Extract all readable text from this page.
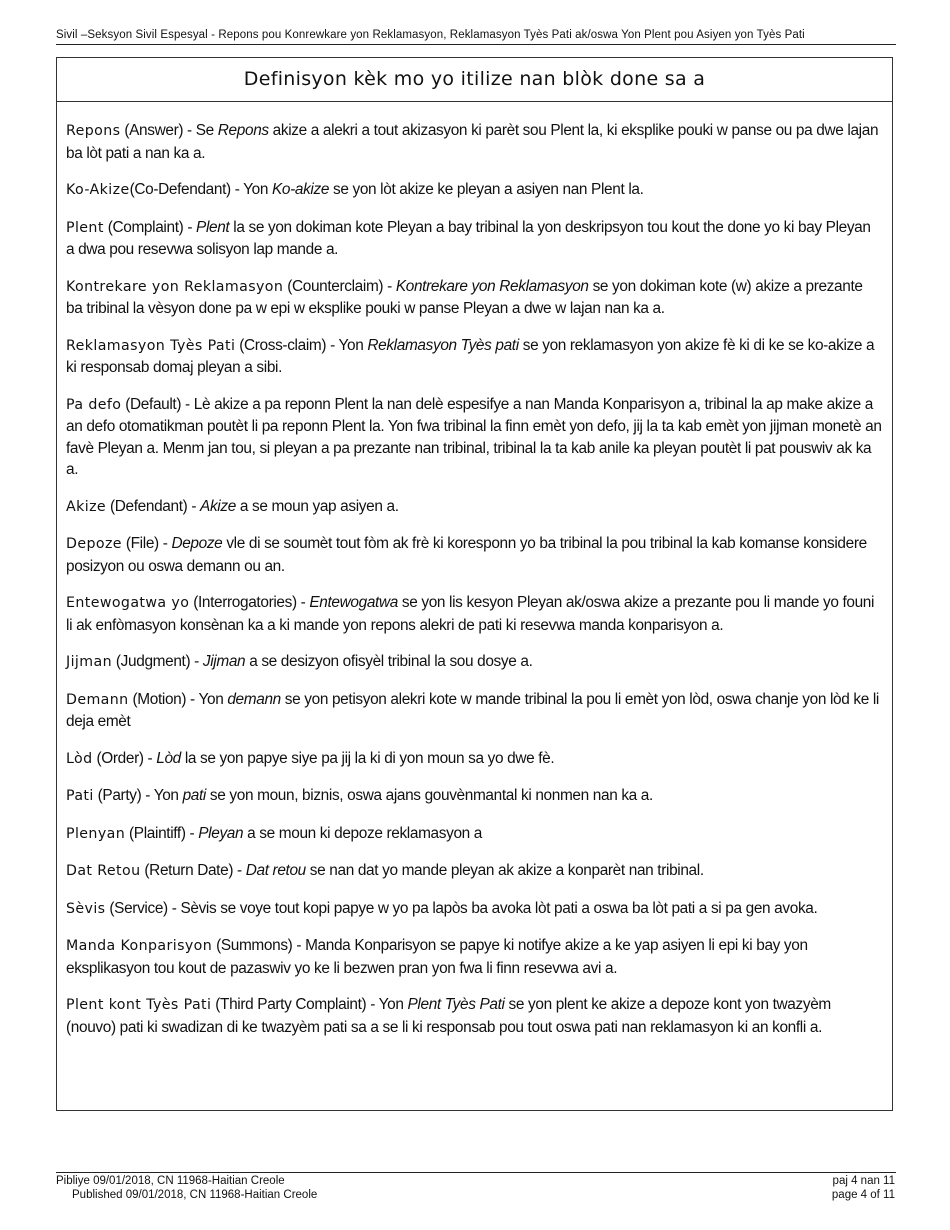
Sivil –Seksyon Sivil Espesyal - Repons pou Konrewkare yon Reklamasyon, Reklamasyon Tyès Pati ak/oswa Yon Plent pou Asiyen yon Tyès Pati
Definisyon kèk mo yo itilize nan blòk done sa a

Repons (Answer) - Se Repons akize a alekri a tout akizasyon ki parèt sou Plent la, ki eksplike pouki w panse ou pa dwe lajan ba lòt pati a nan ka a.

Ko-Akize(Co-Defendant) - Yon Ko-akize se yon lòt akize ke pleyan a asiyen nan Plent la.

Plent (Complaint) - Plent la se yon dokiman kote Pleyan a bay tribinal la yon deskripsyon tou kout the done yo ki bay Pleyan a dwa pou resevwa solisyon lap mande a.

Kontrekare yon Reklamasyon (Counterclaim) - Kontrekare yon Reklamasyon se yon dokiman kote (w) akize a prezante ba tribinal la vèsyon done pa w epi w eksplike pouki w panse Pleyan a dwe w lajan nan ka a.

Reklamasyon Tyès Pati (Cross-claim) - Yon Reklamasyon Tyès pati se yon reklamasyon yon akize fè ki di ke se ko-akize a ki responsab domaj pleyan a sibi.

Pa defo (Default) - Lè akize a pa reponn Plent la nan delè espesifye a nan Manda Konparisyon a, tribinal la ap make akize a an defo otomatikman poutèt li pa reponn Plent la. Yon fwa tribinal la finn emèt yon defo, jij la ta kab emèt yon jijman monetè an favè Pleyan a. Menm jan tou, si pleyan a pa prezante nan tribinal, tribinal la ta kab anile ka pleyan poutèt li pat pouswiv ak ka a.

Akize (Defendant) - Akize a se moun yap asiyen a.

Depoze (File) - Depoze vle di se soumèt tout fòm ak frè ki koresponn yo ba tribinal la pou tribinal la kab komanse konsidere posizyon ou oswa demann ou an.

Entewogatwa yo (Interrogatories) - Entewogatwa se yon lis kesyon Pleyan ak/oswa akize a prezante pou li mande yo founi li ak enfòmasyon konsènan ka a ki mande yon repons alekri de pati ki resevwa manda konparisyon a.

Jijman (Judgment) - Jijman a se desizyon ofisyèl tribinal la sou dosye a.

Demann (Motion) - Yon demann se yon petisyon alekri kote w mande tribinal la pou li emèt yon lòd, oswa chanje yon lòd ke li deja emèt

Lòd (Order) - Lòd la se yon papye siye pa jij la ki di yon moun sa yo dwe fè.

Pati (Party) - Yon pati se yon moun, biznis, oswa ajans gouvènmantal ki nonmen nan ka a.

Plenyan (Plaintiff) - Pleyan a se moun ki depoze reklamasyon a

Dat Retou (Return Date) - Dat retou se nan dat yo mande pleyan ak akize a konparèt nan tribinal.

Sèvis (Service) - Sèvis se voye tout kopi papye w yo pa lapòs ba avoka lòt pati a oswa ba lòt pati a si pa gen avoka.

Manda Konparisyon (Summons) - Manda Konparisyon se papye ki notifye akize a ke yap asiyen li epi ki bay yon eksplikasyon tou kout de pazaswiv yo ke li bezwen pran yon fwa li finn resevwa avi a.

Plent kont Tyès Pati (Third Party Complaint) - Yon Plent Tyès Pati se yon plent ke akize a depoze kont yon twazyèm (nouvo) pati ki swadizan di ke twazyèm pati sa a se li ki responsab pou tout oswa pati nan reklamasyon ki an konfli a.

Pibliye 09/01/2018, CN 11968-Haitian Creole
Published 09/01/2018, CN 11968-Haitian Creole
paj 4 nan 11
page 4 of 11
